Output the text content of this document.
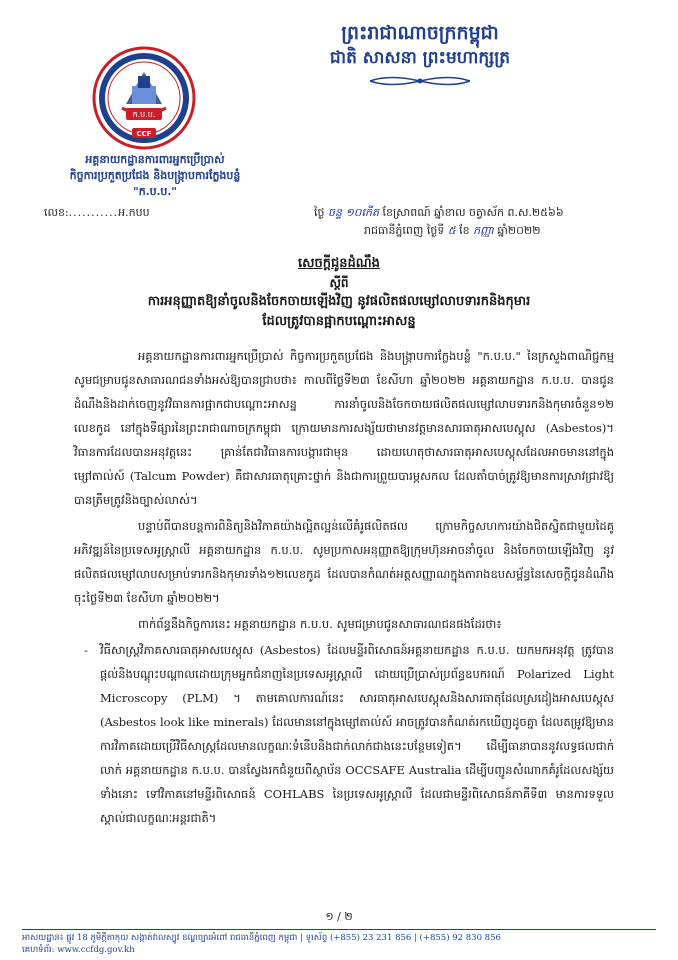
ក.ប.ប.
CCF
ព្រះរាជាណាចក្រកម្ពុជា
ជាតិ សាសនា ព្រះមហាក្សត្រ
អគ្គនាយកដ្ឋានការពារអ្នកប្រើប្រាស់
កិច្ចការប្រកួតប្រជែង និងបង្ក្រាបការក្លែងបន្លំ
"ក.ប.ប."
លេខ:...........អ.កបប	ថ្ងៃ ចន្ទ ១០កើត ខែស្រាពណ៍ ឆ្នាំខាល ចត្វាស័ក ព.ស.២៥៦៦
រាជធានីភ្នំពេញ ថ្ងៃទី ៥ ខែ កញ្ញា ឆ្នាំ២០២២
សេចក្តីជូនដំណឹង
ស្តីពី
ការអនុញ្ញាតឱ្យនាំចូលនិងចែកចាយឡើងវិញ នូវផលិតផលម្សៅលាបទារកនិងកុមារ
ដែលត្រូវបានផ្អាកបណ្តោះអាសន្ន

អគ្គនាយកដ្ឋានការពារអ្នកប្រើប្រាស់ កិច្ចការប្រកួតប្រជែង និងបង្ក្រាបការក្លែងបន្លំ "ក.ប.ប." នៃក្រសួងពាណិជ្ជកម្ម សូមជម្រាបជូនសាធារណជនទាំងអស់ឱ្យបានជ្រាបថា៖ កាលពីថ្ងៃទី២៣ ខែសីហា ឆ្នាំ២០២២ អគ្គនាយកដ្ឋាន ក.ប.ប. បានជូនដំណឹងនិងដាក់ចេញនូវវិធានការផ្អាកជាបណ្តោះអាសន្ន ការនាំចូលនិងចែកចាយផលិតផលម្សៅលាបទារកនិងកុមារចំនួន១២ លេខកូដ នៅក្នុងទីផ្សារនៃព្រះរាជាណាចក្រកម្ពុជា ក្រោយមានការសង្ស័យថាមានវត្តមានសារធាតុអាសបេស្តុស (Asbestos)។ វិធានការដែលបានអនុវត្តនេះ គ្រាន់តែជាវិធានការបង្ការជាមុន ដោយហេតុថាសារធាតុអាសបេស្តុសដែលអាចមាននៅក្នុងម្សៅតាល់ស៍ (Talcum Powder) គឺជាសារធាតុគ្រោះថ្នាក់ និងជាការព្រួយបារម្ភសកល ដែលតាំបាច់ត្រូវឱ្យមានការស្រាវជ្រាវឱ្យបានត្រឹមត្រូវនិងច្បាស់លាស់។

បន្ទាប់ពីបានបន្តការពិនិត្យនិងវិភាគយ៉ាងល្អិតល្អន់លើគំរូផលិតផល ក្រោមកិច្ចសហការយ៉ាងជិតស្និតជាមួយដៃគូអភិវឌ្ឍន៍នៃប្រទេសអូស្ត្រាលី អគ្គនាយកដ្ឋាន ក.ប.ប. សូមប្រកាសអនុញ្ញាតឱ្យក្រុមហ៊ុនអាចនាំចូល និងចែកចាយឡើងវិញ នូវផលិតផលម្សៅលាបសម្រាប់ទារកនិងកុមារទាំង១២លេខកូដ ដែលបានកំណត់អត្តសញ្ញាណក្នុងតារាងឧបសម្ព័ន្ធនៃសេចក្តីជូនដំណឹងចុះថ្ងៃទី២៣ ខែសីហា ឆ្នាំ២០២២។

ពាក់ព័ន្ធនឹងកិច្ចការនេះ អគ្គនាយកដ្ឋាន ក.ប.ប. សូមជម្រាបជូនសាធារណជនផងដែរថា៖

- វិធីសាស្រ្តវិភាគសារធាតុអាសបេស្តុស (Asbestos) ដែលមន្ទីរពិសោធន៍អគ្គនាយកដ្ឋាន ក.ប.ប. យកមកអនុវត្ត ត្រូវបានផ្តល់និងបណ្តុះបណ្តាលដោយក្រុមអ្នកជំនាញនៃប្រទេសអូស្ត្រាលី ដោយប្រើប្រាស់ប្រព័ន្ធឧបករណ៍ Polarized Light Microscopy (PLM) ។ តាមគោលការណ៍នេះ សារធាតុអាសបេស្តុសនិងសារធាតុដែលស្រដៀងអាសបេស្តុស (Asbestos look like minerals) ដែលមាននៅក្នុងម្សៅតាល់ស៍ អាចត្រូវបានកំណត់រកឃើញដូចគ្នា ដែលតម្រូវឱ្យមានការវិភាគដោយប្រើវិធីសាស្រ្តដែលមានលក្ខណៈទំនើបនិងជាក់លាក់ជាងនេះបន្ថែមទៀត។ ដើម្បីធានាបាននូវលទ្ធផលជាក់លាក់ អគ្គនាយកដ្ឋាន ក.ប.ប. បានស្វែងរកជំនួយពីស្ថាប័ន OCCSAFE Australia ដើម្បីបញ្ជូនសំណាកគំរូដែលសង្ស័យទាំងនោះ ទៅវិភាគនៅមន្ទីរពិសោធន៍ COHLABS នៃប្រទេសអូស្ត្រាលី ដែលជាមន្ទីរពិសោធន៍ភាគីទី៣ មានការទទួលស្គាល់ជាលក្ខណៈអន្តរជាតិ។

១ / ២
អាសយដ្ឋាន៖ ផ្លូវ 18 ភូមិក្តីតាកុយ សង្កាត់វាលស្បូវ ខណ្ឌច្បារអំពៅ រាជធានីភ្នំពេញ កម្ពុជា | ទូរស័ព្ទ (+855) 23 231 856 | (+855) 92 830 856
គេហទំព័រ: www.ccfdg.gov.kh
